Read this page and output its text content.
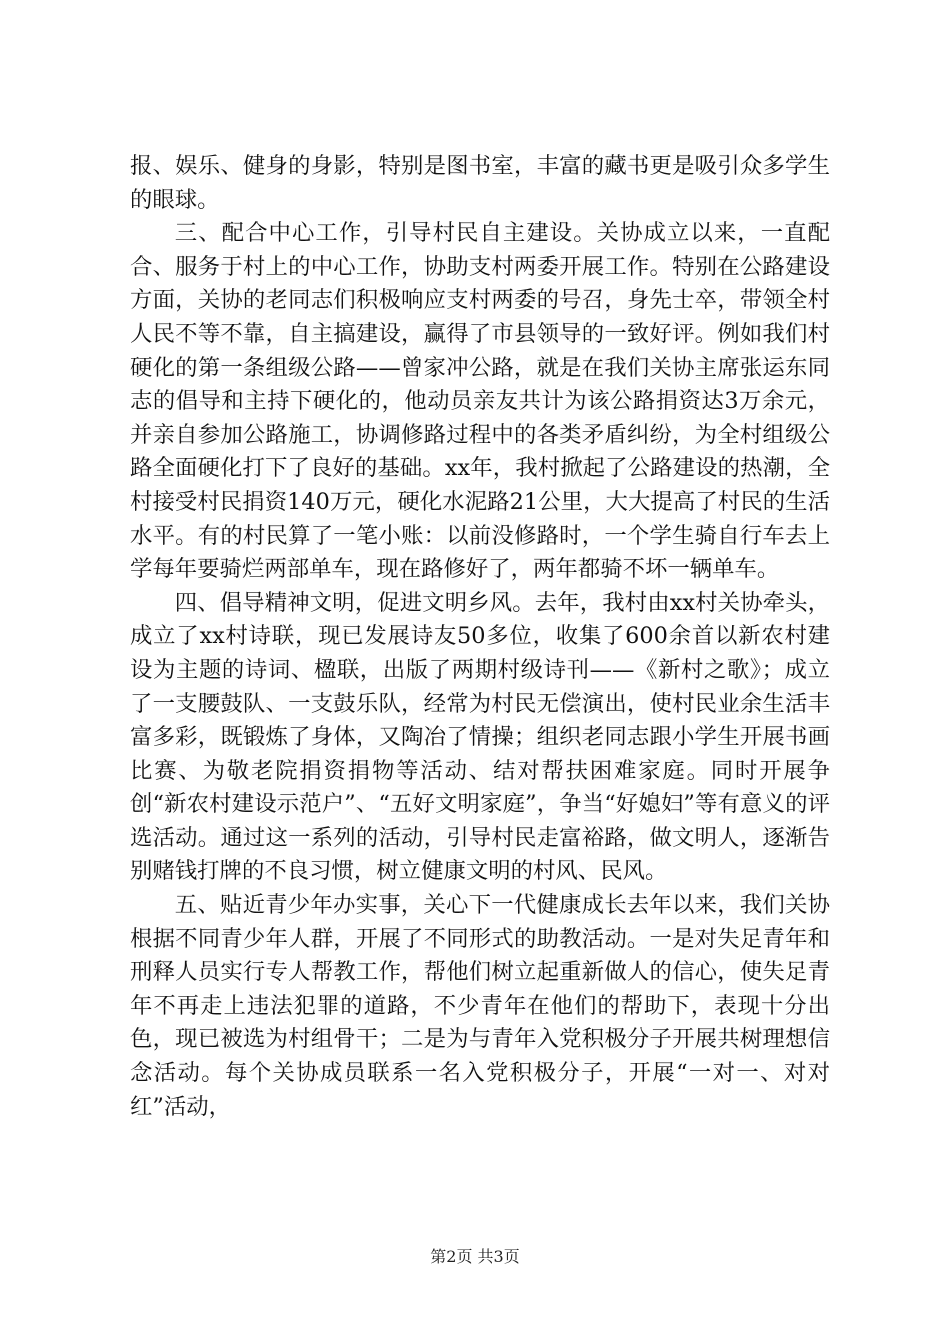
报、娱乐、健身的身影，特别是图书室，丰富的藏书更是吸引众多学生的眼球。

三、配合中心工作，引导村民自主建设。关协成立以来，一直配合、服务于村上的中心工作，协助支村两委开展工作。特别在公路建设方面，关协的老同志们积极响应支村两委的号召，身先士卒，带领全村人民不等不靠，自主搞建设，赢得了市县领导的一致好评。例如我们村硬化的第一条组级公路——曾家冲公路，就是在我们关协主席张运东同志的倡导和主持下硬化的，他动员亲友共计为该公路捐资达3万余元，并亲自参加公路施工，协调修路过程中的各类矛盾纠纷，为全村组级公路全面硬化打下了良好的基础。xx年，我村掀起了公路建设的热潮，全村接受村民捐资140万元，硬化水泥路21公里，大大提高了村民的生活水平。有的村民算了一笔小账：以前没修路时，一个学生骑自行车去上学每年要骑烂两部单车，现在路修好了，两年都骑不坏一辆单车。

四、倡导精神文明，促进文明乡风。去年，我村由xx村关协牵头，成立了xx村诗联，现已发展诗友50多位，收集了600余首以新农村建设为主题的诗词、楹联，出版了两期村级诗刊——《新村之歌》；成立了一支腰鼓队、一支鼓乐队，经常为村民无偿演出，使村民业余生活丰富多彩，既锻炼了身体，又陶冶了情操；组织老同志跟小学生开展书画比赛、为敬老院捐资捐物等活动、结对帮扶困难家庭。同时开展争创“新农村建设示范户”、“五好文明家庭”，争当“好媳妇”等有意义的评选活动。通过这一系列的活动，引导村民走富裕路，做文明人，逐渐告别赌钱打牌的不良习惯，树立健康文明的村风、民风。

五、贴近青少年办实事，关心下一代健康成长去年以来，我们关协根据不同青少年人群，开展了不同形式的助教活动。一是对失足青年和刑释人员实行专人帮教工作，帮他们树立起重新做人的信心，使失足青年不再走上违法犯罪的道路，不少青年在他们的帮助下，表现十分出色，现已被选为村组骨干；二是为与青年入党积极分子开展共树理想信念活动。每个关协成员联系一名入党积极分子，开展“一对一、对对红”活动，

第2页 共3页
